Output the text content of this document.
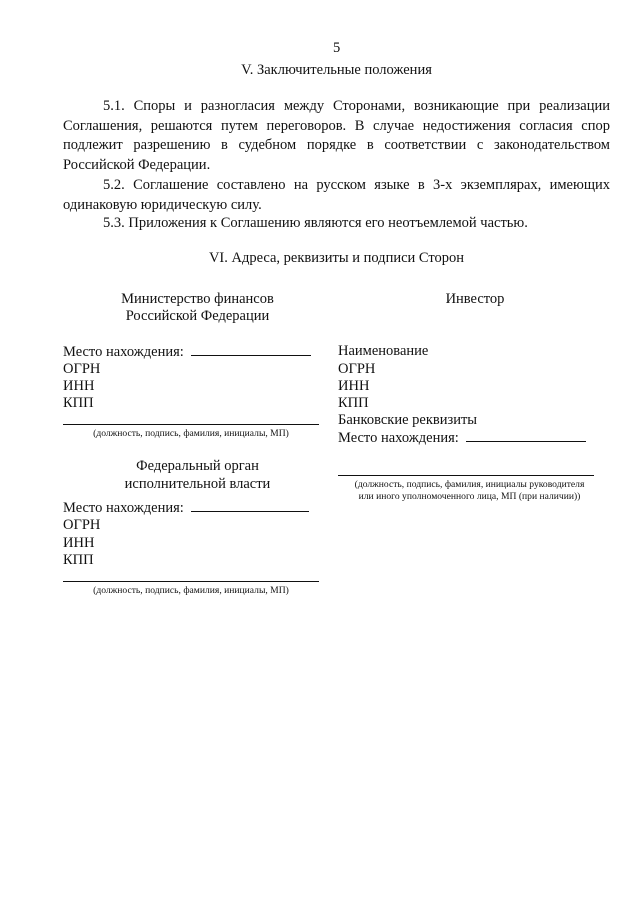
5
V. Заключительные положения
5.1. Споры и разногласия между Сторонами, возникающие при реализации Соглашения, решаются путем переговоров. В случае недостижения согласия спор подлежит разрешению в судебном порядке в соответствии с законодательством Российской Федерации.
5.2. Соглашение составлено на русском языке в 3-х экземплярах, имеющих одинаковую юридическую силу.
5.3. Приложения к Соглашению являются его неотъемлемой частью.
VI. Адреса, реквизиты и подписи Сторон
Министерство финансов
Российской Федерации
Место нахождения:
ОГРН
ИНН
КПП
(должность, подпись, фамилия, инициалы, МП)
Федеральный орган
исполнительной власти
Место нахождения:
ОГРН
ИНН
КПП
(должность, подпись, фамилия, инициалы, МП)
Инвестор
Наименование
ОГРН
ИНН
КПП
Банковские реквизиты
Место нахождения:
(должность, подпись, фамилия, инициалы руководителя
или иного уполномоченного лица, МП (при наличии))
